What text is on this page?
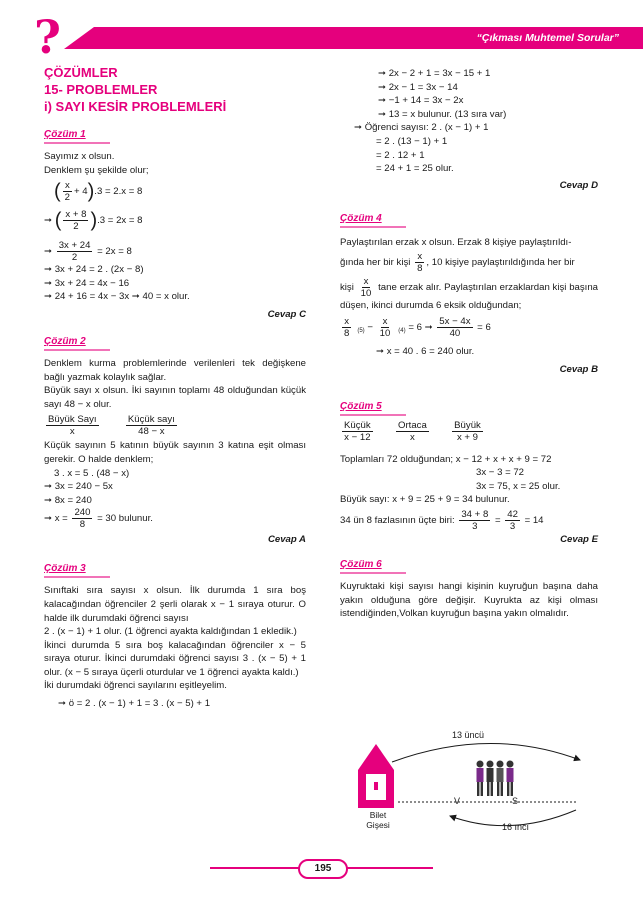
“Çıkması Muhtemel Sorular”
?

ÇÖZÜMLER

15- PROBLEMLER

i) SAYI KESİR PROBLEMLERİ

Çözüm 1

Sayımız x olsun.

Denklem şu şekilde olur;

( $\frac{x}{2} + 4).3 = 2.x = 8$

➞ ( $\frac{x + 8}{2} ).3 = 2x = 8$

➞ $\frac{3x + 24}{2} = 2x = 8$

➞ 3x + 24 = 2 . (2x − 8)

➞ 3x + 24 = 4x − 16

➞ 24 + 16 = 4x − 3x ➞ 40 = x olur.

Cevap C

Çözüm 2

Denklem kurma problemlerinde verilenleri tek değişkene bağlı yazmak kolaylık sağlar.

Büyük sayı x olsun. İki sayının toplamı 48 olduğundan küçük sayı 48 − x olur.

$\frac{\text{Büyük Sayı}}{x}$
	$\frac{\text{Küçük sayı}}{48 - x}$

Küçük sayının 5 katının büyük sayının 3 katına eşit olması gerekir. O halde denklem;

3 . x = 5 . (48 − x)

➞ 3x = 240 − 5x

➞ 8x = 240

➞ $x = \frac{240}{8} = 30$ bulunur.

Cevap A

Çözüm 3

Sınıftaki sıra sayısı x olsun. İlk durumda 1 sıra boş kalacağından öğrenciler 2 şerli olarak x − 1 sıraya oturur. O halde ilk durumdaki öğrenci sayısı

2 . (x − 1) + 1 olur. (1 öğrenci ayakta kaldığından 1 ekledik.)

İkinci durumda 5 sıra boş kalacağından öğrenciler x − 5 sıraya oturur. İkinci durumdaki öğrenci sayısı 3 . (x − 5) + 1 olur. (x − 5 sıraya üçerli oturdular ve 1 öğrenci ayakta kaldı.)

İki durumdaki öğrenci sayılarını eşitleyelim.

➞ ö = 2 . (x − 1) + 1 = 3 . (x − 5) + 1

➞ 2x − 2 + 1 = 3x − 15 + 1

➞ 2x − 1 = 3x − 14

➞ −1 + 14 = 3x − 2x

➞ 13 = x bulunur. (13 sıra var)

➞ Öğrenci sayısı: 2 . (x − 1) + 1

= 2 . (13 − 1) + 1

= 2 . 12 + 1

= 24 + 1 = 25 olur.

Cevap D

Çözüm 4

Paylaştırılan erzak x olsun. Erzak 8 kişiye paylaştırıldı-

ğında her bir kişi $\frac{x}{8}$ , 10 kişiye paylaştırıldığında her bir

kişi $\frac{x}{10}$ tane erzak alır. Paylaştırılan erzaklardan kişi başına düşen, ikinci durumda 6 eksik olduğundan;

$\frac{x}{8} (5) - \frac{x}{10} (4) = 6$ ➞ $\frac{5x - 4x}{40} = 6$

➞ x = 40 . 6 = 240 olur.

Cevap B

Çözüm 5

$\frac{\text{Küçük}}{x - 12}$
$\frac{\text{Ortaca}}{x}$
$\frac{\text{Büyük}}{x + 9}$

Toplamları 72 olduğundan; x − 12 + x + x + 9 = 72

3x − 3 = 72

3x = 75, x = 25 olur.

Büyük sayı: x + 9 = 25 + 9 = 34 bulunur.

34 ün 8 fazlasının üçte biri: $\frac{34 + 8}{3} = \frac{42}{3} = 14$

Cevap E

Çözüm 6

Kuyruktaki kişi sayısı hangi kişinin kuyruğun başına daha yakın olduğuna göre değişir. Kuyrukta az kişi olması istendiğinden,Volkan kuyruğun başına yakın olmalıdır.

13 üncü
V	S
Bilet
Gişesi	16 ıncı
195
